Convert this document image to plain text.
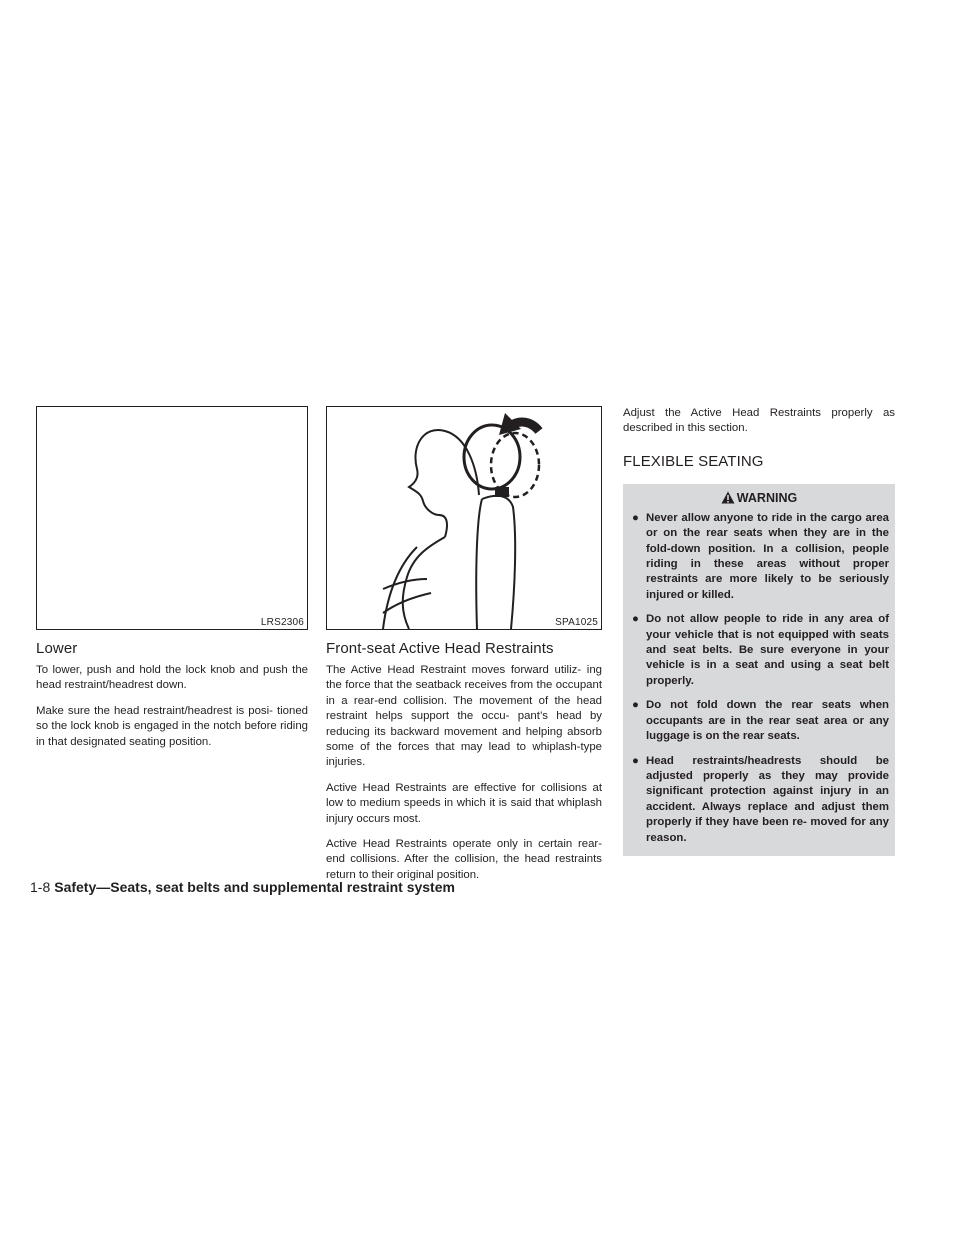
LRS2306
Lower

To lower, push and hold the lock knob and push the head restraint/headrest down.

Make sure the head restraint/headrest is posi- tioned so the lock knob is engaged in the notch before riding in that designated seating position.

SPA1025
Front-seat Active Head Restraints

The Active Head Restraint moves forward utiliz- ing the force that the seatback receives from the occupant in a rear-end collision. The movement of the head restraint helps support the occu- pant’s head by reducing its backward movement and helping absorb some of the forces that may lead to whiplash-type injuries.

Active Head Restraints are effective for collisions at low to medium speeds in which it is said that whiplash injury occurs most.

Active Head Restraints operate only in certain rear-end collisions. After the collision, the head restraints return to their original position.

Adjust the Active Head Restraints properly as described in this section.

FLEXIBLE SEATING
WARNING
● Never allow anyone to ride in the cargo area or on the rear seats when they are in the fold-down position. In a collision, people riding in these areas without proper restraints are more likely to be seriously injured or killed.
● Do not allow people to ride in any area of your vehicle that is not equipped with seats and seat belts. Be sure everyone in your vehicle is in a seat and using a seat belt properly.
● Do not fold down the rear seats when occupants are in the rear seat area or any luggage is on the rear seats.
● Head restraints/headrests should be adjusted properly as they may provide significant protection against injury in an accident. Always replace and adjust them properly if they have been re- moved for any reason.
1-8 Safety—Seats, seat belts and supplemental restraint system
